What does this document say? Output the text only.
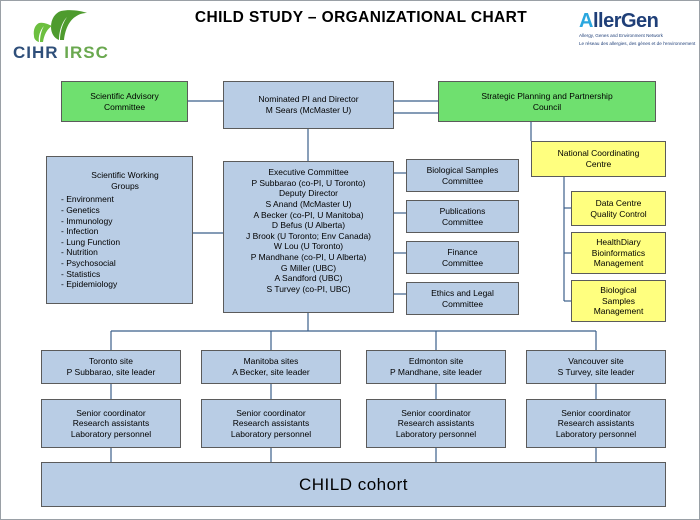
CHILD STUDY – ORGANIZATIONAL CHART
CIHR IRSC
AllerGen
Allergy, Genes and Environment Network
Le réseau des allergies, des gènes et de l'environnement
Scientific Advisory
Committee
Nominated PI and Director
M Sears (McMaster U)
Strategic Planning and Partnership
Council
Scientific Working
Groups
- Environment
- Genetics
- Immunology
- Infection
- Lung Function
- Nutrition
- Psychosocial
- Statistics
- Epidemiology
Executive Committee
P Subbarao (co-PI, U Toronto)
Deputy Director
S Anand (McMaster U)
A Becker (co-PI, U Manitoba)
D Befus (U Alberta)
J Brook (U Toronto; Env Canada)
W Lou (U Toronto)
P Mandhane (co-PI, U Alberta)
G Miller (UBC)
A Sandford (UBC)
S Turvey (co-PI, UBC)
Biological Samples
Committee
Publications
Committee
Finance
Committee
Ethics and Legal
Committee
National Coordinating
Centre
Data Centre
Quality Control
HealthDiary
Bioinformatics
Management
Biological
Samples
Management
Toronto site
P Subbarao, site leader
Manitoba sites
A Becker, site leader
Edmonton site
P Mandhane, site leader
Vancouver site
S Turvey, site leader
Senior coordinator
Research assistants
Laboratory personnel
Senior coordinator
Research assistants
Laboratory personnel
Senior coordinator
Research assistants
Laboratory personnel
Senior coordinator
Research assistants
Laboratory personnel
CHILD cohort
